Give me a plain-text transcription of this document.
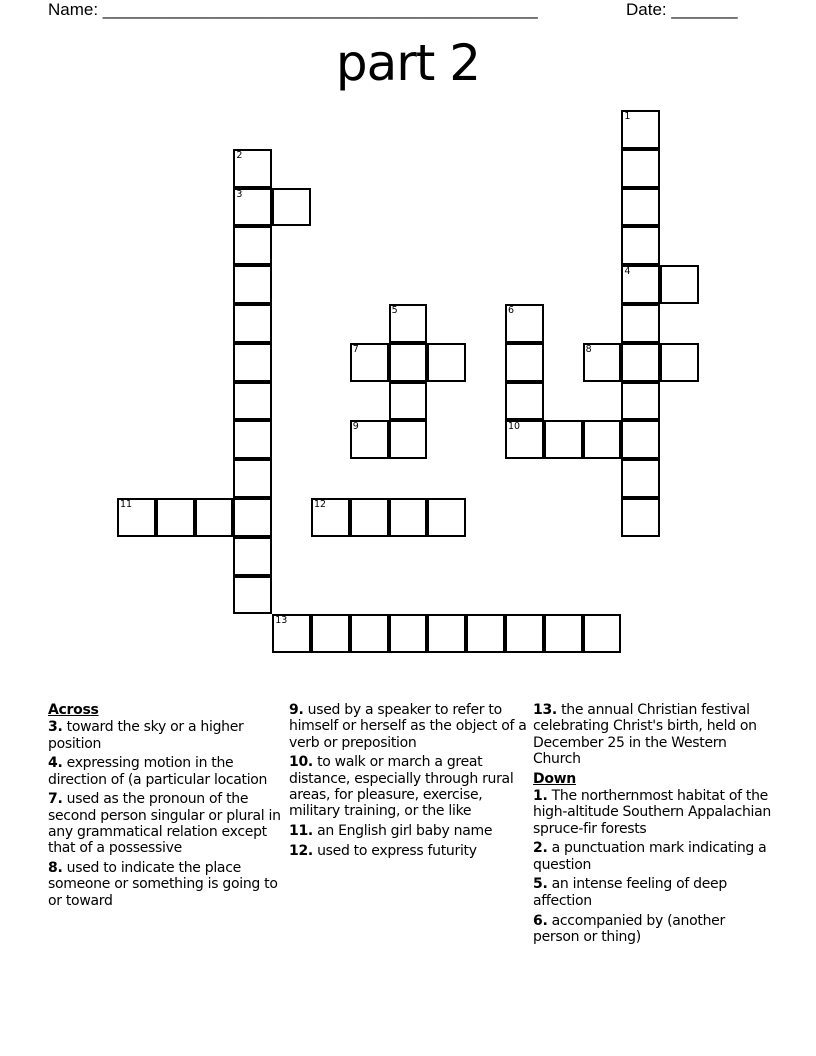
Name: ______________________________________________	Date: _______
part 2
1
4
2
3
5	6
10
7	8
9
11	12
13
Across
3. toward the sky or a higher position
4. expressing motion in the direction of (a particular location
7. used as the pronoun of the second person singular or plural in any grammatical relation except that of a possessive
8. used to indicate the place someone or something is going to or toward
9. used by a speaker to refer to himself or herself as the object of a verb or preposition
10. to walk or march a great distance, especially through rural areas, for pleasure, exercise, military training, or the like
11. an English girl baby name
12. used to express futurity
13. the annual Christian festival celebrating Christ's birth, held on December 25 in the Western Church
Down
1. The northernmost habitat of the high-altitude Southern Appalachian spruce-fir forests
2. a punctuation mark indicating a question
5. an intense feeling of deep affection
6. accompanied by (another person or thing)
